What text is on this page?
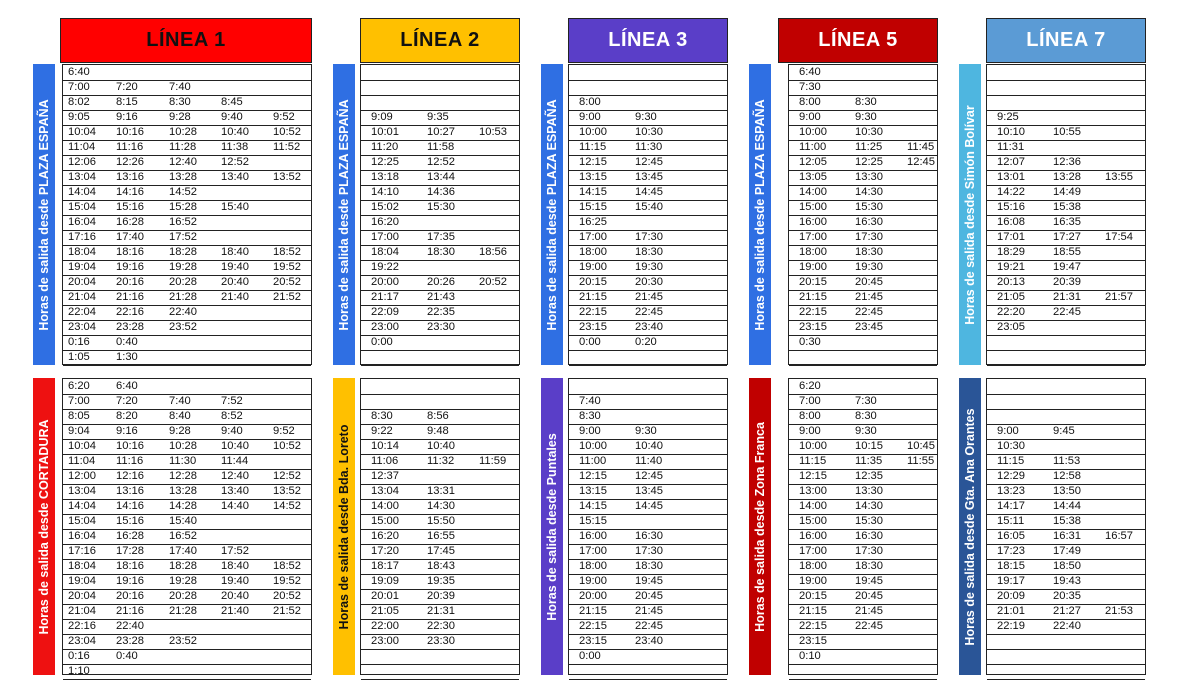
LÍNEA 1
Horas de salida desde PLAZA ESPAÑA
6:40
7:00 7:20	7:40
8:02 8:15	8:30	8:45
9:05 9:16	9:28	9:40	9:52
10:04 10:16 10:28 10:40 10:52
11:04 11:16 11:28 11:38 11:52
12:06 12:26 12:40 12:52
13:04 13:16 13:28 13:40 13:52
14:04 14:16 14:52
15:04 15:16 15:28 15:40
16:04 16:28 16:52
17:16 17:40 17:52
18:04 18:16 18:28 18:40 18:52
19:04 19:16 19:28 19:40 19:52
20:04 20:16 20:28 20:40 20:52
21:04 21:16 21:28 21:40 21:52
22:04 22:16 22:40
23:04 23:28 23:52
0:16 0:40
1:05 1:30
Horas de salida desde CORTADURA
6:20 6:40
7:00 7:20	7:40	7:52
8:05 8:20	8:40	8:52
9:04 9:16	9:28	9:40	9:52
10:04 10:16 10:28 10:40 10:52
11:04 11:16 11:30 11:44
12:00 12:16 12:28 12:40 12:52
13:04 13:16 13:28 13:40 13:52
14:04 14:16 14:28 14:40 14:52
15:04 15:16 15:40
16:04 16:28 16:52
17:16 17:28 17:40 17:52
18:04 18:16 18:28 18:40 18:52
19:04 19:16 19:28 19:40 19:52
20:04 20:16 20:28 20:40 20:52
21:04 21:16 21:28 21:40 21:52
22:16 22:40
23:04 23:28 23:52
0:16 0:40
1:10
LÍNEA 2
Horas de salida desde PLAZA ESPAÑA 9:09	9:35
10:01	10:27 10:53
11:20	11:58
12:25	12:52
13:18	13:44
14:10	14:36
15:02	15:30
16:20
17:00	17:35
18:04	18:30 18:56
19:22
20:00	20:26 20:52
21:17	21:43
22:09	22:35
23:00	23:30
0:00
Horas de salida desde Bda. Loreto
8:30	8:56
9:22	9:48
10:14	10:40
11:06	11:32 11:59
12:37
13:04	13:31
14:00	14:30
15:00	15:50
16:20	16:55
17:20	17:45
18:17	18:43
19:09	19:35
20:01	20:39
21:05	21:31
22:00	22:30
23:00	23:30
LÍNEA 3
Horas de salida desde PLAZA ESPAÑA 8:00
9:00	9:30
10:00	10:30
11:15	11:30
12:15	12:45
13:15	13:45
14:15	14:45
15:15	15:40
16:25
17:00	17:30
18:00	18:30
19:00	19:30
20:15	20:30
21:15	21:45
22:15	22:45
23:15	23:40
0:00	0:20
Horas de salida desde Puntales
7:40
8:30
9:00	9:30
10:00	10:40
11:00	11:40
12:15	12:45
13:15	13:45
14:15	14:45
15:15
16:00	16:30
17:00	17:30
18:00	18:30
19:00	19:45
20:00	20:45
21:15	21:45
22:15	22:45
23:15	23:40
0:00
LÍNEA 5
Horas de salida desde PLAZA ESPAÑA
6:40
7:30
8:00	8:30
9:00	9:30
10:00	10:30
11:00	11:25 11:45
12:05	12:25 12:45
13:05	13:30
14:00	14:30
15:00	15:30
16:00	16:30
17:00	17:30
18:00	18:30
19:00	19:30
20:15	20:45
21:15	21:45
22:15	22:45
23:15	23:45
0:30
Horas de salida desde Zona Franca
6:20
7:00	7:30
8:00	8:30
9:00	9:30
10:00	10:15 10:45
11:15	11:35 11:55
12:15	12:35
13:00	13:30
14:00	14:30
15:00	15:30
16:00	16:30
17:00	17:30
18:00	18:30
19:00	19:45
20:15	20:45
21:15	21:45
22:15	22:45
23:15
0:10
LÍNEA 7
Horas de salida desde Simón Bolívar 9:25
10:10	10:55
11:31
12:07	12:36
13:01	13:28 13:55
14:22	14:49
15:16	15:38
16:08	16:35
17:01	17:27 17:54
18:29	18:55
19:21	19:47
20:13	20:39
21:05	21:31 21:57
22:20	22:45
23:05
Horas de salida desde Gta. Ana Orantes 9:00	9:45
10:30
11:15	11:53
12:29	12:58
13:23	13:50
14:17	14:44
15:11	15:38
16:05	16:31 16:57
17:23	17:49
18:15	18:50
19:17	19:43
20:09	20:35
21:01	21:27 21:53
22:19	22:40
